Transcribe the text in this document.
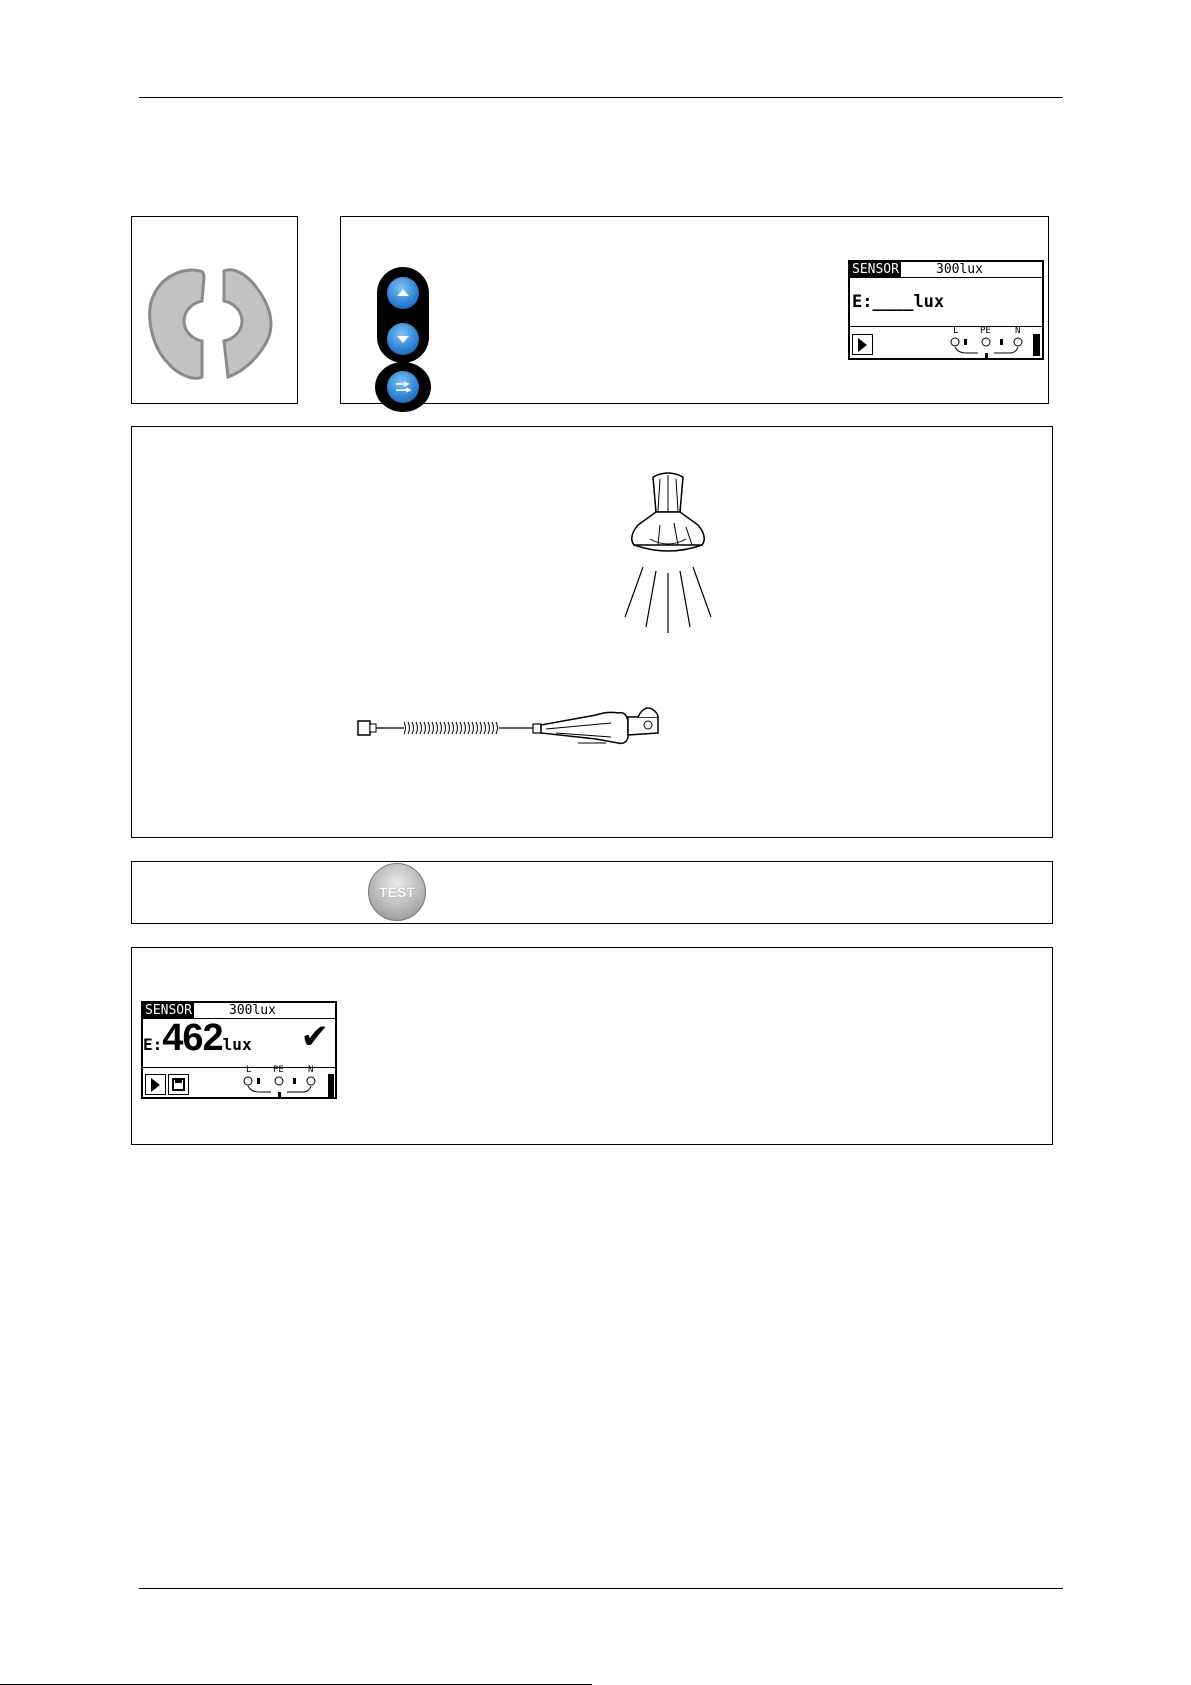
SENSOR	300lux
E:____lux
L PE	N
TEST
SENSOR	300lux
E:462lux ✔
L PE	N
